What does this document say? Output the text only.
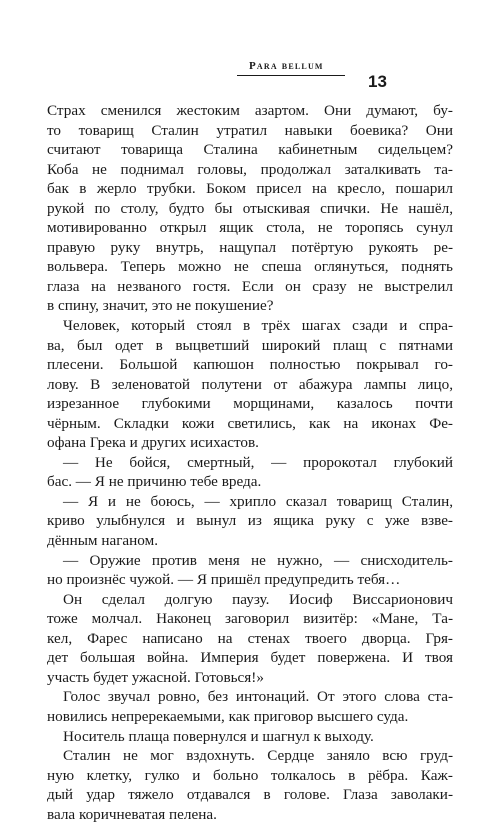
Para bellum
13
Страх сменился жестоким азартом. Они думают, бу-
то товарищ Сталин утратил навыки боевика? Они
считают товарища Сталина кабинетным сидельцем?
Коба не поднимал головы, продолжал заталкивать та-
бак в жерло трубки. Боком присел на кресло, пошарил
рукой по столу, будто бы отыскивая спички. Не нашёл,
мотивированно открыл ящик стола, не торопясь сунул
правую руку внутрь, нащупал потёртую рукоять ре-
вольвера. Теперь можно не спеша оглянуться, поднять
глаза на незваного гостя. Если он сразу не выстрелил
в спину, значит, это не покушение?
Человек, который стоял в трёх шагах сзади и спра-
ва, был одет в выцветший широкий плащ с пятнами
плесени. Большой капюшон полностью покрывал го-
лову. В зеленоватой полутени от абажура лампы лицо,
изрезанное глубокими морщинами, казалось почти
чёрным. Складки кожи светились, как на иконах Фе-
офана Грека и других исихастов.
— Не бойся, смертный, — пророкотал глубокий
бас. — Я не причиню тебе вреда.
— Я и не боюсь, — хрипло сказал товарищ Сталин,
криво улыбнулся и вынул из ящика руку с уже взве-
дённым наганом.
— Оружие против меня не нужно, — снисходитель-
но произнёс чужой. — Я пришёл предупредить тебя…
Он сделал долгую паузу. Иосиф Виссарионович
тоже молчал. Наконец заговорил визитёр: «Мане, Та-
кел, Фарес написано на стенах твоего дворца. Гря-
дет большая война. Империя будет повержена. И твоя
участь будет ужасной. Готовься!»
Голос звучал ровно, без интонаций. От этого слова ста-
новились непререкаемыми, как приговор высшего суда.
Носитель плаща повернулся и шагнул к выходу.
Сталин не мог вздохнуть. Сердце заняло всю груд-
ную клетку, гулко и больно толкалось в рёбра. Каж-
дый удар тяжело отдавался в голове. Глаза заволаки-
вала коричневатая пелена.
